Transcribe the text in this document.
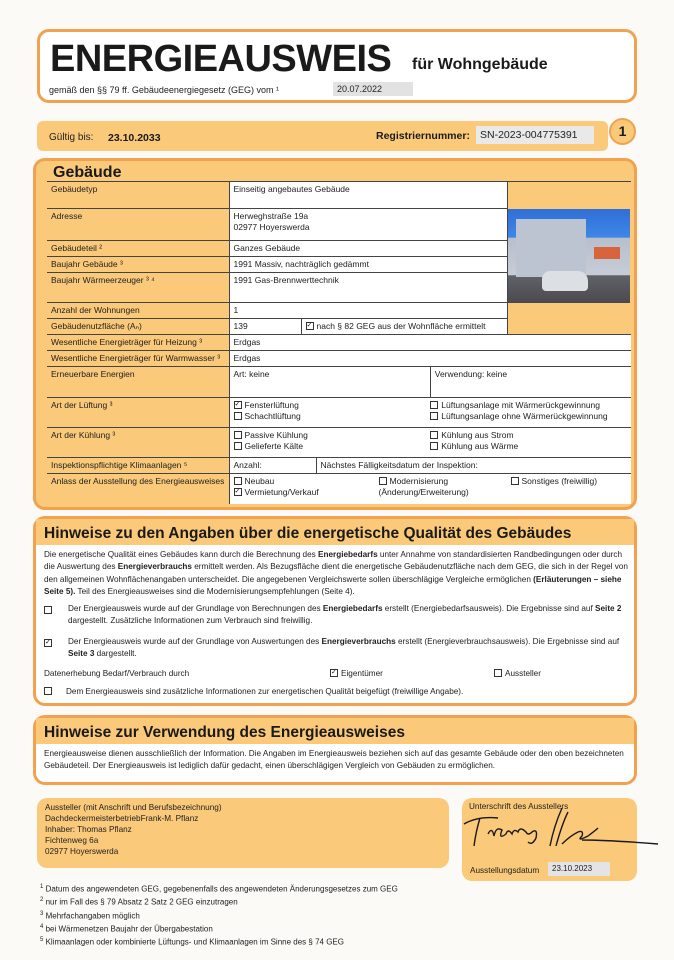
ENERGIEAUSWEIS für Wohngebäude
gemäß den §§ 79 ff. Gebäudeenergiegesetz (GEG) vom ¹	20.07.2022
Gültig bis: 23.10.2033	Registriernummer: SN-2023-004775391	1
Gebäude
Gebäudetyp	Einseitig angebautes Gebäude		

Adresse	Herweghstraße 19a
02977 Hoyerswerda		

Gebäudeteil ²	Ganzes Gebäude		
Baujahr Gebäude ³	1991 Massiv, nachträglich gedämmt		
Baujahr Wärmeerzeuger ³ ⁴	1991 Gas-Brennwerttechnik		
Anzahl der Wohnungen	1		
Gebäudenutzfläche (Aₙ)	139	✓nach § 82 GEG aus der Wohnfläche ermittelt
Wesentliche Energieträger für Heizung ³	Erdgas		
Wesentliche Energieträger für Warmwasser ³	Erdgas		
Erneuerbare Energien	Art: keine Verwendung: keine		

Art der Lüftung ³	
✓Fensterlüftung
Schachtlüftung
Lüftungsanlage mit Wärmerückgewinnung
Lüftungsanlage ohne Wärmerückgewinnung

Art der Kühlung ³	Passive Kühlung
Gelieferte Kälte
Kühlung aus Strom
Kühlung aus Wärme		

Inspektionspflichtige Klimaanlagen ⁵	Anzahl: Nächstes Fälligkeitsdatum der Inspektion:		

Anlass der Ausstellung des Energieausweises	Neubau
✓Vermietung/Verkauf
Modernisierung (Änderung/Erweiterung)
Sonstiges (freiwillig)
Hinweise zu den Angaben über die energetische Qualität des Gebäudes
Die energetische Qualität eines Gebäudes kann durch die Berechnung des Energiebedarfs unter Annahme von standardisierten Randbedingungen oder durch die Auswertung des Energieverbrauchs ermittelt werden. Als Bezugsfläche dient die energetische Gebäudenutzfläche nach dem GEG, die sich in der Regel von den allgemeinen Wohnflächenangaben unterscheidet. Die angegebenen Vergleichswerte sollen überschlägige Vergleiche ermöglichen (Erläuterungen – siehe Seite 5). Teil des Energieausweises sind die Modernisierungsempfehlungen (Seite 4).
Der Energieausweis wurde auf der Grundlage von Berechnungen des Energiebedarfs erstellt (Energiebedarfsausweis). Die Ergebnisse sind auf Seite 2 dargestellt. Zusätzliche Informationen zum Verbrauch sind freiwillig.
✓
Der Energieausweis wurde auf der Grundlage von Auswertungen des Energieverbrauchs erstellt (Energieverbrauchsausweis). Die Ergebnisse sind auf Seite 3 dargestellt.
Datenerhebung Bedarf/Verbrauch durch ✓	Eigentümer	Aussteller
Dem Energieausweis sind zusätzliche Informationen zur energetischen Qualität beigefügt (freiwillige Angabe).
Hinweise zur Verwendung des Energieausweises
Energieausweise dienen ausschließlich der Information. Die Angaben im Energieausweis beziehen sich auf das gesamte Gebäude oder den oben bezeichneten Gebäudeteil. Der Energieausweis ist lediglich dafür gedacht, einen überschlägigen Vergleich von Gebäuden zu ermöglichen.
Aussteller (mit Anschrift und Berufsbezeichnung)
DachdeckermeisterbetriebFrank-M. Pflanz
Inhaber: Thomas Pflanz
Fichtenweg 6a
02977 Hoyerswerda
Unterschrift des Ausstellers
Ausstellungsdatum	23.10.2023
$^1$ Datum des angewendeten GEG, gegebenenfalls des angewendeten Änderungsgesetzes zum GEG
$^2$ nur im Fall des § 79 Absatz 2 Satz 2 GEG einzutragen
$^3$ Mehrfachangaben möglich
$^4$ bei Wärmenetzen Baujahr der Übergabestation
$^5$ Klimaanlagen oder kombinierte Lüftungs- und Klimaanlagen im Sinne des § 74 GEG
